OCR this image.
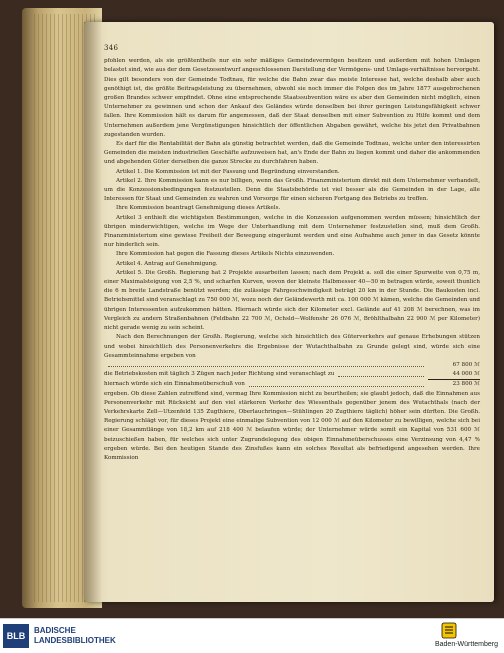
346

pfohlen werden, als sie größtentheils nur ein sehr mäßiges Gemeindevermögen besitzen und außerdem mit hohen Umlagen belastet sind, wie aus der dem Gesetzesentwurf angeschlossenen Darstellung der Vermögens- und Umlage-verhältnisse hervorgeht. Dies gilt besonders von der Gemeinde Todtnau, für welche die Bahn zwar das meiste Interesse hat, welche deshalb aber auch genöthigt ist, die größte Beitragsleistung zu übernehmen, obwohl sie noch immer die Folgen des im Jahre 1877 ausgebrochenen großen Brandes schwer empfindet. Ohne eine entsprechende Staatssubvention wäre es aber den Gemeinden nicht möglich, einen Unternehmer zu gewinnen und schon der Ankauf des Geländes würde denselben bei ihrer geringen Leistungsfähigkeit schwer fallen. Ihre Kommission hält es darum für angemessen, daß der Staat denselben mit einer Subvention zu Hilfe kommt und dem Unternehmen außerdem jene Vergünstigungen hinsichtlich der öffentlichen Abgaben gewährt, welche bis jetzt den Privatbahnen zugestanden wurden.

Es darf für die Rentabilität der Bahn als günstig betrachtet werden, daß die Gemeinde Todtnau, welche unter den interessirten Gemeinden die meisten industriellen Geschäfte aufzuweisen hat, an's Ende der Bahn zu liegen kommt und daher die ankommenden und abgehenden Güter derselben die ganze Strecke zu durchfahren haben.

Artikel 1. Die Kommission ist mit der Fassung und Begründung einverstanden.

Artikel 2. Ihre Kommission kann es nur billigen, wenn das Großh. Finanzministerium direkt mit dem Unternehmer verhandelt, um die Konzessionsbedingungen festzustellen. Denn die Staatsbehörde ist viel besser als die Gemeinden in der Lage, alle Interessen für Staat und Gemeinden zu wahren und Vorsorge für einen sicheren Fortgang des Betriebs zu treffen.

Ihre Kommission beantragt Genehmigung dieses Artikels.

Artikel 3 enthielt die wichtigsten Bestimmungen, welche in die Konzession aufgenommen werden müssen; hinsichtlich der übrigen minderwichtigen, welche im Wege der Unterhandlung mit dem Unternehmer festzustellen sind, muß dem Großh. Finanzministerium eine gewisse Freiheit der Bewegung eingeräumt werden und eine Aufnahme auch jener in das Gesetz könnte nur hinderlich sein.

Ihre Kommission hat gegen die Fassung dieses Artikels Nichts einzuwenden.

Artikel 4. Antrag auf Genehmigung.

Artikel 5. Die Großh. Regierung hat 2 Projekte ausarbeiten lassen; nach dem Projekt a. soll die einer Spurweite von 0,75 m, einer Maximalsteigung von 2,5 %, und scharfen Kurven, wovon der kleinste Halbmesser 40—50 m betragen würde, soweit thunlich die 6 m breite Landstraße benützt werden; die zulässige Fahrgeschwindigkeit beträgt 20 km in der Stunde. Die Baukosten incl. Betriebsmittel sind veranschlagt zu 750 000 ℳ, wozu noch der Geländewerth mit ca. 100 000 ℳ kämen, welche die Gemeinden und übrigen Interessenten aufzukommen hätten. Hiernach würde sich der Kilometer excl. Gelände auf 41 208 ℳ berechnen, was im Vergleich zu andern Straßenbahnen (Feldbahn 22 700 ℳ, Ochsld—Wolfenshr 26 076 ℳ, Bröhlthalbahn 22 900 ℳ per Kilometer) nicht gerade wenig zu sein scheint.

Nach den Berechnungen der Großh. Regierung, welche sich hinsichtlich des Güterverkehrs auf genaue Erhebungen stützen und wobei hinsichtlich des Personenverkehrs die Ergebnisse der Wutachthalbahn zu Grunde gelegt sind, würde sich eine Gesammteinnahme ergeben von
67 800 ℳ
die Betriebskosten mit täglich 3 Zügen nach jeder Richtung sind veranschlagt zu	44 000 ℳ
hiernach würde sich ein Einnahmeüberschuß von	23 800 ℳ

ergeben. Ob diese Zahlen zutreffend sind, vermag Ihre Kommission nicht zu beurtheilen; sie glaubt jedoch, daß die Einnahmen aus Personenverkehr mit Rücksicht auf den viel stärkeren Verkehr des Wiesenthals gegenüber jenem des Wutachthals (nach der Verkehrskarte Zell—Utzenfeld 135 Zugthiere, Oberlauchringen—Stühlingen 20 Zugthiere täglich) höher sein dürften. Die Großh. Regierung schlägt vor, für dieses Projekt eine einmalige Subvention von 12 000 ℳ auf den Kilometer zu bewilligen, welche sich bei einer Gesammtlänge von 18,2 km auf 218 400 ℳ belaufen würde; der Unternehmer würde somit ein Kapital von 531 600 ℳ beizuschießen haben, für welches sich unter Zugrundelegung des obigen Einnahmeüberschusses eine Verzinsung von 4,47 % ergeben würde. Bei den heutigen Stande des Zinsfußes kann ein solches Resultat als befriedigend angesehen werden. Ihre Kommission

BLB
BADISCHE
LANDESBIBLIOTHEK	Baden-Württemberg
